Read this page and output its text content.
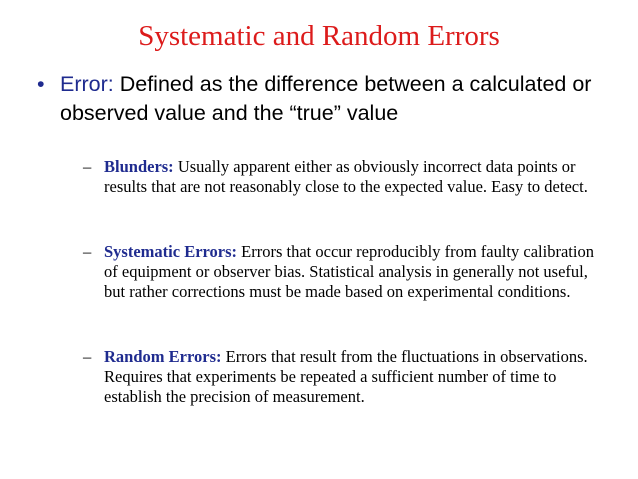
Systematic and Random Errors
• Error: Defined as the difference between a calculated or observed value and the “true” value
– Blunders: Usually apparent either as obviously incorrect data points or results that are not reasonably close to the expected value. Easy to detect.
– Systematic Errors: Errors that occur reproducibly from faulty calibration of equipment or observer bias. Statistical analysis in generally not useful, but rather corrections must be made based on experimental conditions.
– Random Errors: Errors that result from the fluctuations in observations. Requires that experiments be repeated a sufficient number of time to establish the precision of measurement.
